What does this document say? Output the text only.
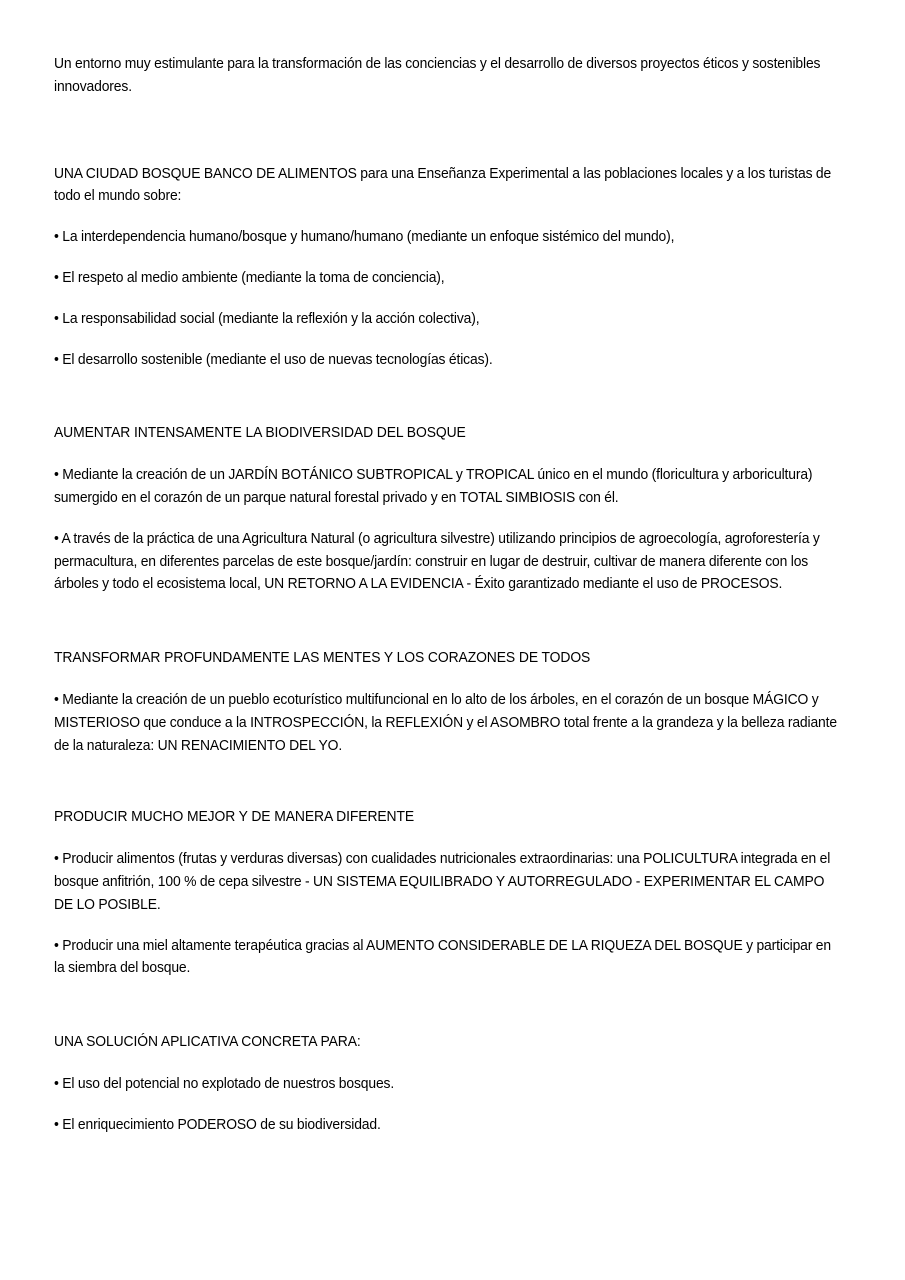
Un entorno muy estimulante para la transformación de las conciencias y el desarrollo de diversos proyectos éticos y sostenibles innovadores.

UNA CIUDAD BOSQUE BANCO DE ALIMENTOS para una Enseñanza Experimental a las poblaciones locales y a los turistas de todo el mundo sobre:

• La interdependencia humano/bosque y humano/humano (mediante un enfoque sistémico del mundo),

• El respeto al medio ambiente (mediante la toma de conciencia),

• La responsabilidad social (mediante la reflexión y la acción colectiva),

• El desarrollo sostenible (mediante el uso de nuevas tecnologías éticas).

AUMENTAR INTENSAMENTE LA BIODIVERSIDAD DEL BOSQUE

• Mediante la creación de un JARDÍN BOTÁNICO SUBTROPICAL y TROPICAL único en el mundo (floricultura y arboricultura) sumergido en el corazón de un parque natural forestal privado y en TOTAL SIMBIOSIS con él.

• A través de la práctica de una Agricultura Natural (o agricultura silvestre) utilizando principios de agroecología, agroforestería y permacultura, en diferentes parcelas de este bosque/jardín: construir en lugar de destruir, cultivar de manera diferente con los árboles y todo el ecosistema local, UN RETORNO A LA EVIDENCIA - Éxito garantizado mediante el uso de PROCESOS.

TRANSFORMAR PROFUNDAMENTE LAS MENTES Y LOS CORAZONES DE TODOS

• Mediante la creación de un pueblo ecoturístico multifuncional en lo alto de los árboles, en el corazón de un bosque MÁGICO y MISTERIOSO que conduce a la INTROSPECCIÓN, la REFLEXIÓN y el ASOMBRO total frente a la grandeza y la belleza radiante de la naturaleza: UN RENACIMIENTO DEL YO.

PRODUCIR MUCHO MEJOR Y DE MANERA DIFERENTE

• Producir alimentos (frutas y verduras diversas) con cualidades nutricionales extraordinarias: una POLICULTURA integrada en el bosque anfitrión, 100 % de cepa silvestre - UN SISTEMA EQUILIBRADO Y AUTORREGULADO - EXPERIMENTAR EL CAMPO DE LO POSIBLE.

• Producir una miel altamente terapéutica gracias al AUMENTO CONSIDERABLE DE LA RIQUEZA DEL BOSQUE y participar en la siembra del bosque.

UNA SOLUCIÓN APLICATIVA CONCRETA PARA:

• El uso del potencial no explotado de nuestros bosques.

• El enriquecimiento PODEROSO de su biodiversidad.
